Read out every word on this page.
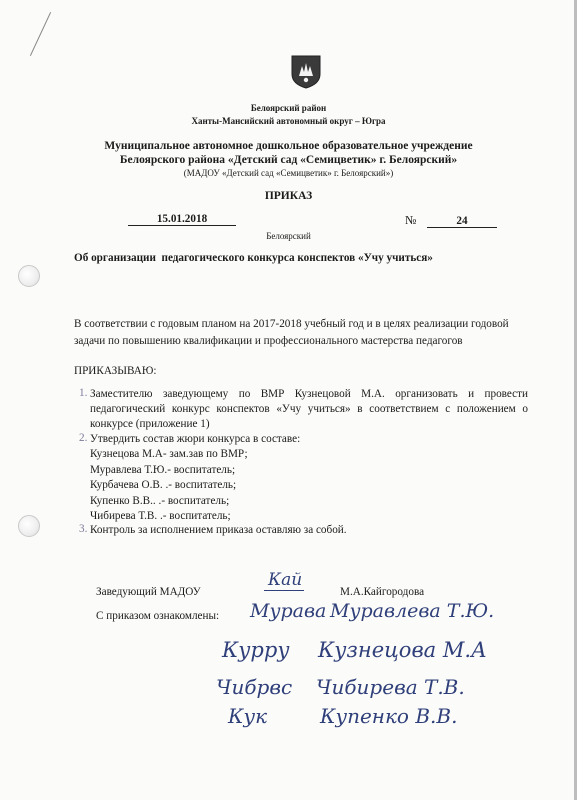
Белоярский район
Ханты-Мансийский автономный округ – Югра
Муниципальное автономное дошкольное образовательное учреждение
Белоярского района «Детский сад «Семицветик» г. Белоярский»
(МАДОУ «Детский сад «Семицветик» г. Белоярский»)
ПРИКАЗ
15.01.2018	№	24
Белоярский
Об организации  педагогического конкурса конспектов «Учу учиться»
В соответствии с годовым планом на 2017-2018 учебный год и в целях реализации годовой
задачи по повышению квалификации и профессионального мастерства педагогов
ПРИКАЗЫВАЮ:
1. Заместителю заведующему по ВМР Кузнецовой М.А. организовать и провести
педагогический конкурс конспектов «Учу учиться» в соответствием с положением о
конкурсе (приложение 1)
2. Утвердить состав жюри конкурса в составе:
Кузнецова М.А- зам.зав по ВМР;
Муравлева Т.Ю.- воспитатель;
Курбачева О.В. .- воспитатель;
Купенко В.В.. .- воспитатель;
Чибирева Т.В. .- воспитатель;
3. Контроль за исполнением приказа оставляю за собой.
Заведующий МАДОУ
Кай
М.А.Кайгородова
С приказом ознакомлены: Мурава Муравлева Т.Ю.
Курру Кузнецова М.А
Чибрвс Чибирева Т.В.
Кук	Купенко В.В.
